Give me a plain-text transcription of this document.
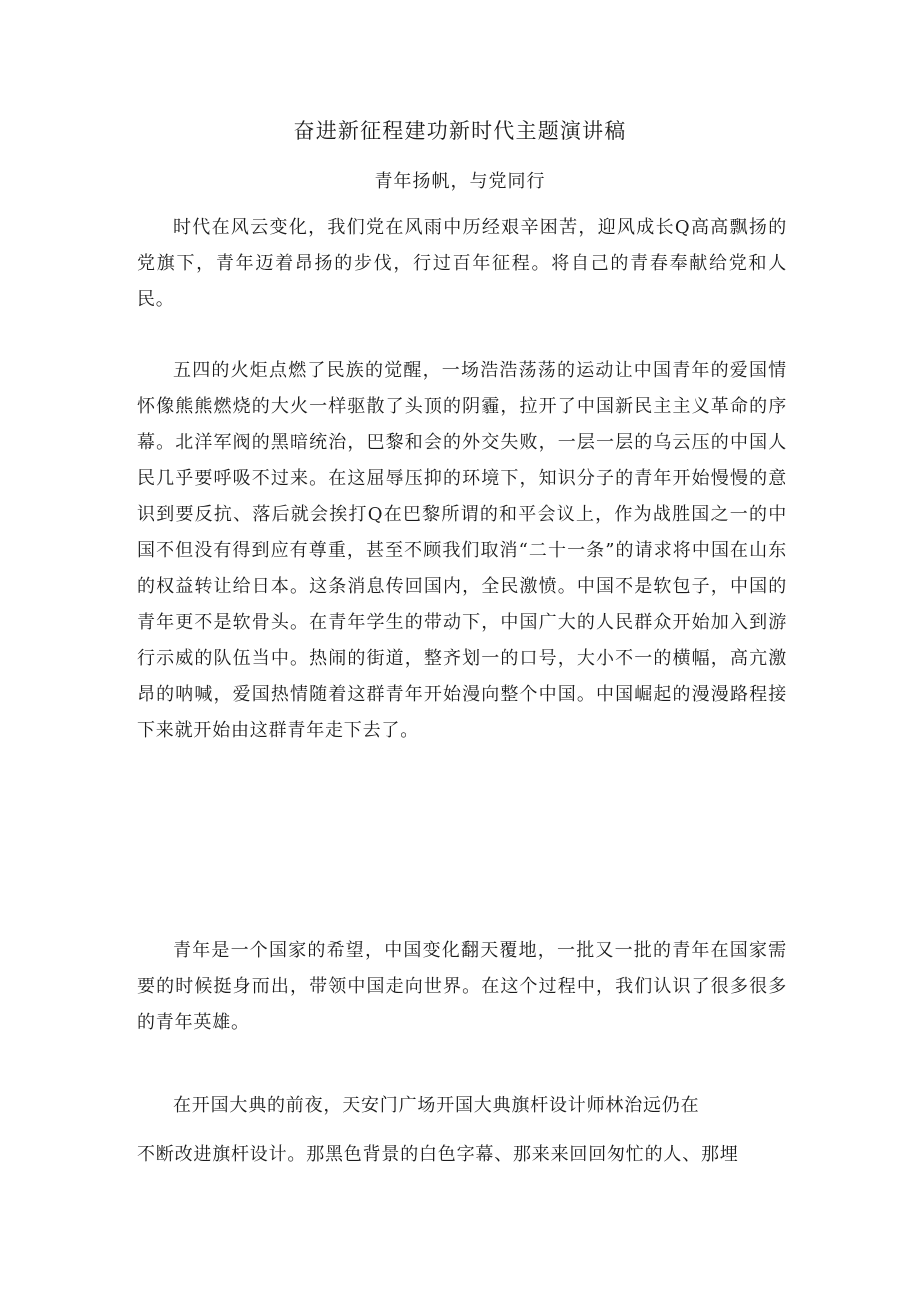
奋进新征程建功新时代主题演讲稿
青年扬帆，与党同行

时代在风云变化，我们党在风雨中历经艰辛困苦，迎风成长Q高高飘扬的党旗下，青年迈着昂扬的步伐，行过百年征程。将自己的青春奉献给党和人民。

五四的火炬点燃了民族的觉醒，一场浩浩荡荡的运动让中国青年的爱国情怀像熊熊燃烧的大火一样驱散了头顶的阴霾，拉开了中国新民主主义革命的序幕。北洋军阀的黑暗统治，巴黎和会的外交失败，一层一层的乌云压的中国人民几乎要呼吸不过来。在这屈辱压抑的环境下，知识分子的青年开始慢慢的意识到要反抗、落后就会挨打Q在巴黎所谓的和平会议上，作为战胜国之一的中国不但没有得到应有尊重，甚至不顾我们取消“二十一条”的请求将中国在山东的权益转让给日本。这条消息传回国内，全民激愤。中国不是软包子，中国的青年更不是软骨头。在青年学生的带动下，中国广大的人民群众开始加入到游行示威的队伍当中。热闹的街道，整齐划一的口号，大小不一的横幅，高亢激昂的呐喊，爱国热情随着这群青年开始漫向整个中国。中国崛起的漫漫路程接下来就开始由这群青年走下去了。

青年是一个国家的希望，中国变化翻天覆地，一批又一批的青年在国家需要的时候挺身而出，带领中国走向世界。在这个过程中，我们认识了很多很多的青年英雄。

在开国大典的前夜，天安门广场开国大典旗杆设计师林治远仍在

不断改进旗杆设计。那黑色背景的白色字幕、那来来回回匆忙的人、那埋
